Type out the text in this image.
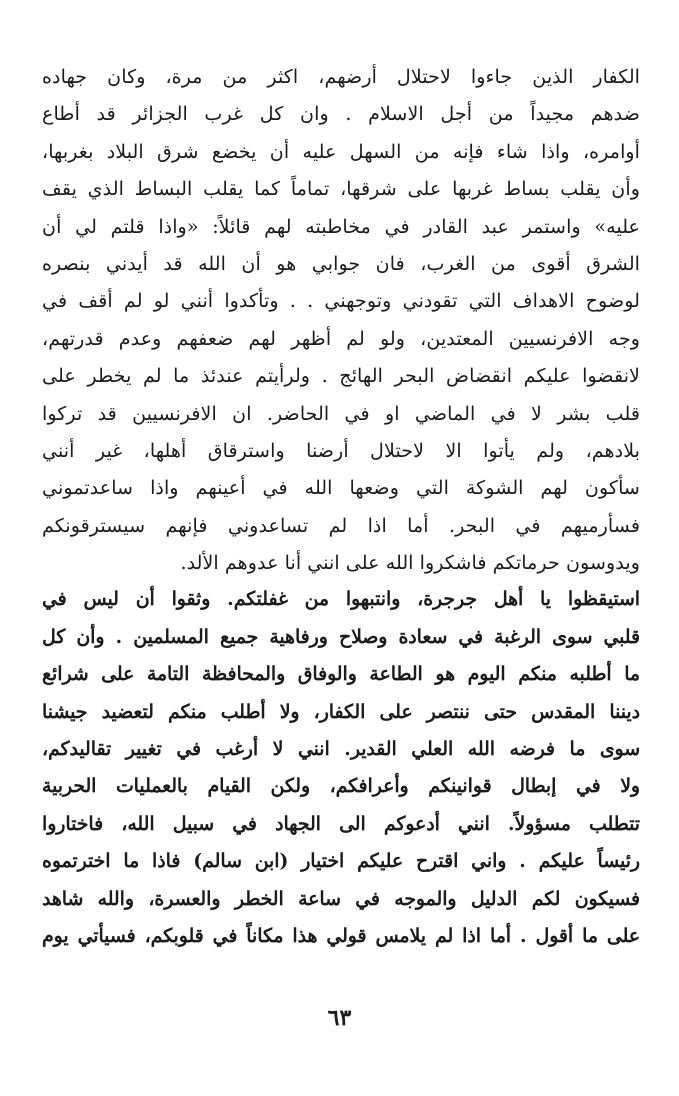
الكفار الذين جاءوا لاحتلال أرضهم، اكثر من مرة، وكان جهاده
ضدهم مجيداً من أجل الاسلام . وان كل غرب الجزائر قد أطاع
أوامره، واذا شاء فإنه من السهل عليه أن يخضع شرق البلاد بغربها،
وأن يقلب بساط غربها على شرقها، تماماً كما يقلب البساط الذي يقف
عليه» واستمر عبد القادر في مخاطبته لهم قائلاً: «واذا قلتم لي أن
الشرق أقوى من الغرب، فان جوابي هو أن الله قد أيدني بنصره
لوضوح الاهداف التي تقودني وتوجهني . . وتأكدوا أنني لو لم أقف في
وجه الافرنسيين المعتدين، ولو لم أظهر لهم ضعفهم وعدم قدرتهم،
لانقضوا عليكم انقضاض البحر الهائج . ولرأيتم عندئذ ما لم يخطر على
قلب بشر لا في الماضي او في الحاضر. ان الافرنسيين قد تركوا
بلادهم، ولم يأتوا الا لاحتلال أرضنا واسترقاق أهلها، غير أنني
سأكون لهم الشوكة التي وضعها الله في أعينهم واذا ساعدتموني
فسأرميهم في البحر. أما اذا لم تساعدوني فإنهم سيسترقونكم
ويدوسون حرماتكم فاشكروا الله على انني أنا عدوهم الألد.
استيقظوا يا أهل جرجرة، وانتبهوا من غفلتكم. وثقوا أن ليس في
قلبي سوى الرغبة في سعادة وصلاح ورفاهية جميع المسلمين . وأن كل
ما أطلبه منكم اليوم هو الطاعة والوفاق والمحافظة التامة على شرائع
ديننا المقدس حتى ننتصر على الكفار، ولا أطلب منكم لتعضيد جيشنا
سوى ما فرضه الله العلي القدير. انني لا أرغب في تغيير تقاليدكم،
ولا في إبطال قوانينكم وأعرافكم، ولكن القيام بالعمليات الحربية
تتطلب مسؤولاً. انني أدعوكم الى الجهاد في سبيل الله، فاختاروا
رئيساً عليكم . واني اقترح عليكم اختيار (ابن سالم) فاذا ما اخترتموه
فسيكون لكم الدليل والموجه في ساعة الخطر والعسرة، والله شاهد
على ما أقول . أما اذا لم يلامس قولي هذا مكاناً في قلوبكم، فسيأتي يوم
٦٣
